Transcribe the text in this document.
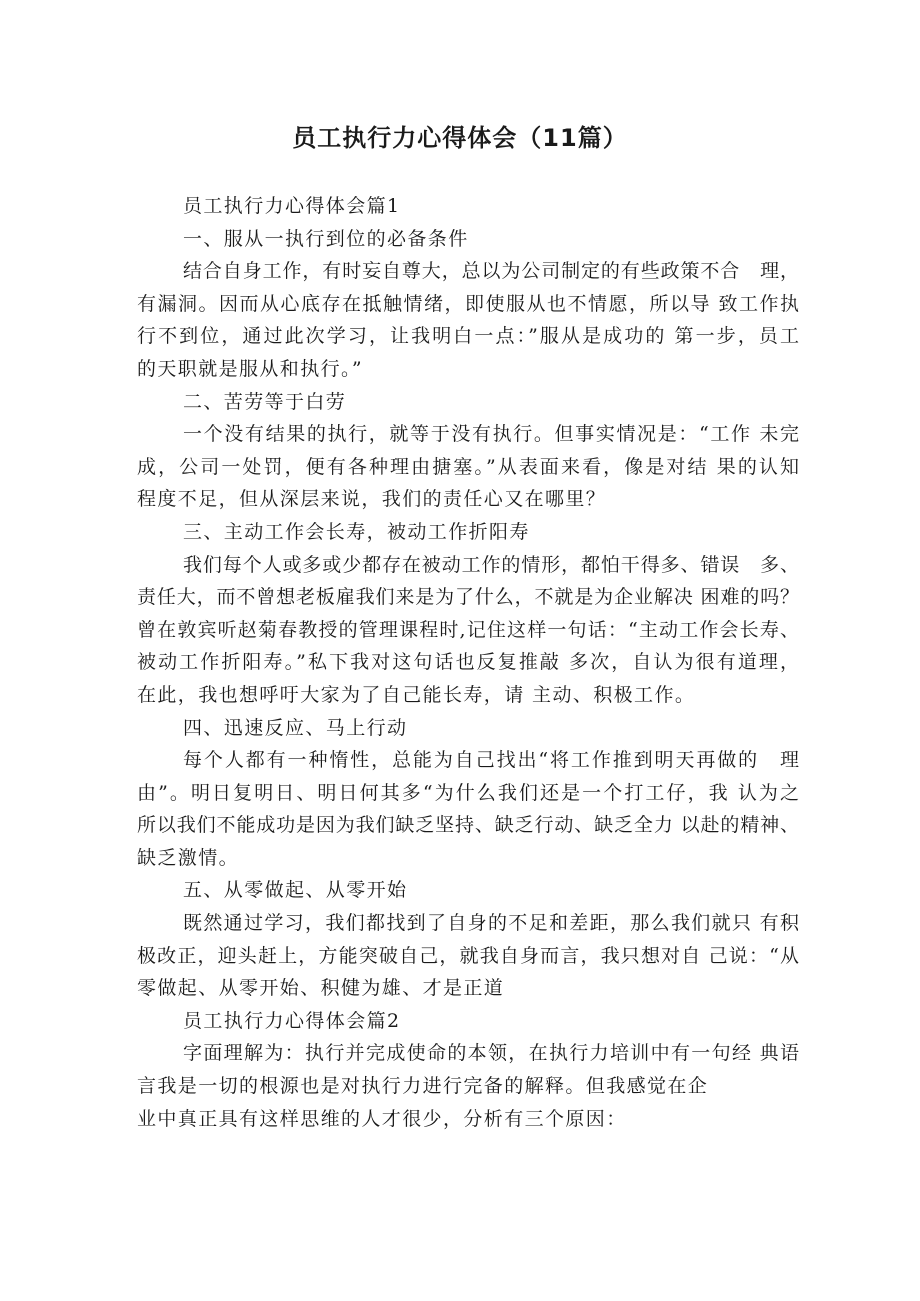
员工执行力心得体会（11篇）
员工执行力心得体会篇1
一、服从一执行到位的必备条件
结合自身工作，有时妄自尊大，总以为公司制定的有些政策不合　理，
有漏洞。因而从心底存在抵触情绪，即使服从也不情愿，所以导 致工作执
行不到位，通过此次学习，让我明白一点：”服从是成功的 第一步，员工
的天职就是服从和执行。”
二、苦劳等于白劳
一个没有结果的执行，就等于没有执行。但事实情况是：“工作 未完
成，公司一处罚，便有各种理由搪塞。”从表面来看，像是对结 果的认知
程度不足，但从深层来说，我们的责任心又在哪里？
三、主动工作会长寿，被动工作折阳寿
我们每个人或多或少都存在被动工作的情形，都怕干得多、错误　多、
责任大，而不曾想老板雇我们来是为了什么，不就是为企业解决 困难的吗？
曾在敦宾听赵菊春教授的管理课程时,记住这样一句话：“主动工作会长寿、
被动工作折阳寿。”私下我对这句话也反复推敲 多次，自认为很有道理，
在此，我也想呼吁大家为了自己能长寿，请 主动、积极工作。
四、迅速反应、马上行动
每个人都有一种惰性，总能为自己找出“将工作推到明天再做的　理
由”。明日复明日、明日何其多“为什么我们还是一个打工仔，我 认为之
所以我们不能成功是因为我们缺乏坚持、缺乏行动、缺乏全力 以赴的精神、
缺乏激情。
五、从零做起、从零开始
既然通过学习，我们都找到了自身的不足和差距，那么我们就只 有积
极改正，迎头赶上，方能突破自己，就我自身而言，我只想对自 己说：“从
零做起、从零开始、积健为雄、才是正道
员工执行力心得体会篇2
字面理解为：执行并完成使命的本领，在执行力培训中有一句经 典语
言我是一切的根源也是对执行力进行完备的解释。但我感觉在企
业中真正具有这样思维的人才很少，分析有三个原因：
